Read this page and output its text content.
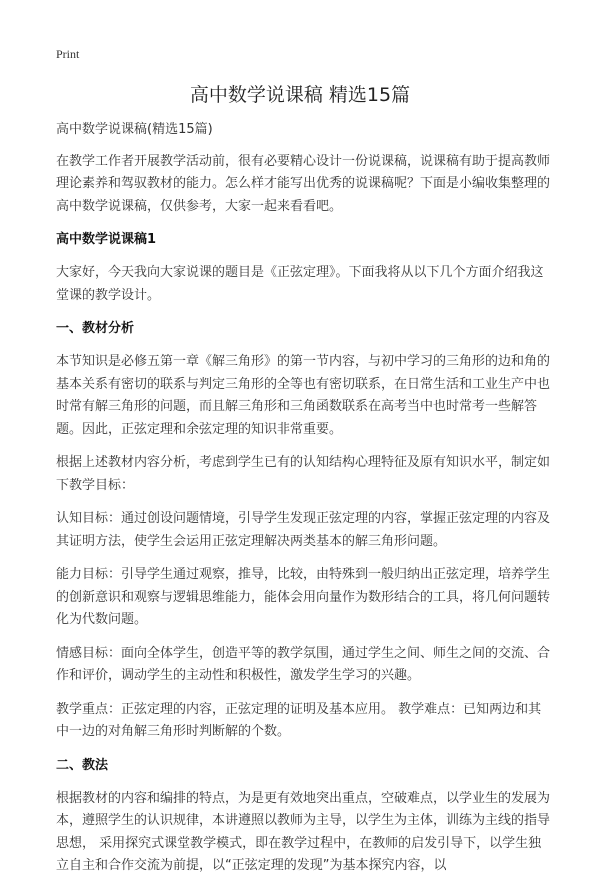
Print
高中数学说课稿 精选15篇

高中数学说课稿(精选15篇)

在教学工作者开展教学活动前，很有必要精心设计一份说课稿，说课稿有助于提高教师理论素养和驾驭教材的能力。怎么样才能写出优秀的说课稿呢？下面是小编收集整理的高中数学说课稿，仅供参考，大家一起来看看吧。

高中数学说课稿1

大家好，今天我向大家说课的题目是《正弦定理》。下面我将从以下几个方面介绍我这堂课的教学设计。

一、教材分析

本节知识是必修五第一章《解三角形》的第一节内容，与初中学习的三角形的边和角的基本关系有密切的联系与判定三角形的全等也有密切联系，在日常生活和工业生产中也时常有解三角形的问题，而且解三角形和三角函数联系在高考当中也时常考一些解答题。因此，正弦定理和余弦定理的知识非常重要。

根据上述教材内容分析，考虑到学生已有的认知结构心理特征及原有知识水平，制定如下教学目标：

认知目标：通过创设问题情境，引导学生发现正弦定理的内容，掌握正弦定理的内容及其证明方法，使学生会运用正弦定理解决两类基本的解三角形问题。

能力目标：引导学生通过观察，推导，比较，由特殊到一般归纳出正弦定理，培养学生的创新意识和观察与逻辑思维能力，能体会用向量作为数形结合的工具，将几何问题转化为代数问题。

情感目标：面向全体学生，创造平等的教学氛围，通过学生之间、师生之间的交流、合作和评价，调动学生的主动性和积极性，激发学生学习的兴趣。

教学重点：正弦定理的内容，正弦定理的证明及基本应用。 教学难点：已知两边和其中一边的对角解三角形时判断解的个数。

二、教法

根据教材的内容和编排的特点，为是更有效地突出重点，空破难点，以学业生的发展为本，遵照学生的认识规律，本讲遵照以教师为主导，以学生为主体，训练为主线的指导思想， 采用探究式课堂教学模式，即在教学过程中，在教师的启发引导下，以学生独立自主和合作交流为前提，以“正弦定理的发现”为基本探究内容，以
